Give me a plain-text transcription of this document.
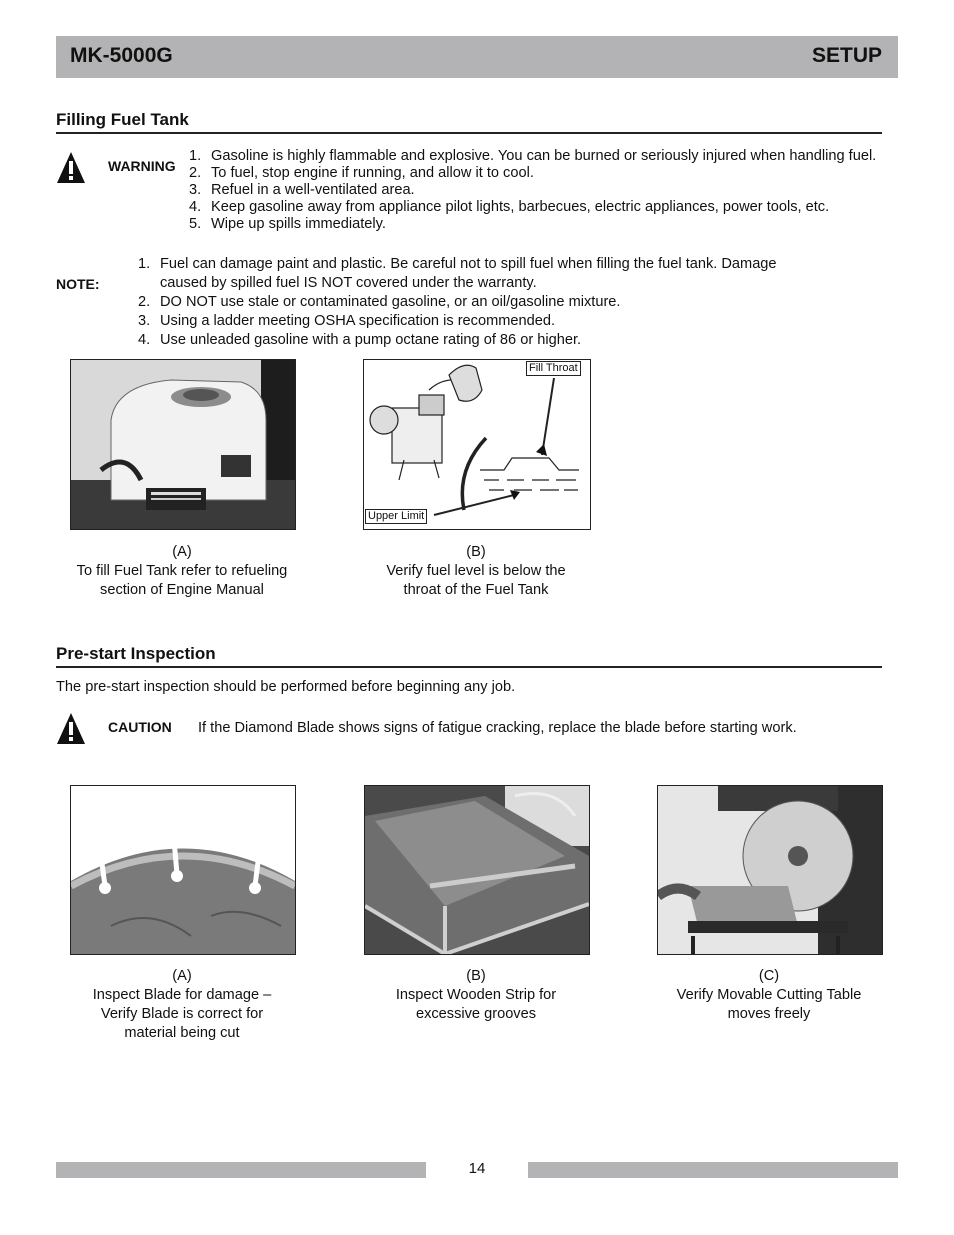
MK-5000G	SETUP
Filling Fuel Tank
WARNING
1. Gasoline is highly flammable and explosive. You can be burned or seriously injured when handling fuel.
2. To fuel, stop engine if running, and allow it to cool.
3. Refuel in a well-ventilated area.
4. Keep gasoline away from appliance pilot lights, barbecues, electric appliances, power tools, etc.
5. Wipe up spills immediately.
NOTE:
1. Fuel can damage paint and plastic. Be careful not to spill fuel when filling the fuel tank. Damage caused by spilled fuel IS NOT covered under the warranty.
2. DO NOT use stale or contaminated gasoline, or an oil/gasoline mixture.
3. Using a ladder meeting OSHA specification is recommended.
4. Use unleaded gasoline with a pump octane rating of 86 or higher.
(A)
To fill Fuel Tank refer to refueling
section of Engine Manual
Fill Throat
Upper Limit
(B)
Verify fuel level is below the
throat of the Fuel Tank
Pre-start Inspection
The pre-start inspection should be performed before beginning any job.
CAUTION If the Diamond Blade shows signs of fatigue cracking, replace the blade before starting work.
(A)
Inspect Blade for damage –
Verify Blade is correct for
material being cut
(B)
Inspect Wooden Strip for
excessive grooves
(C)
Verify Movable Cutting Table
moves freely
14
